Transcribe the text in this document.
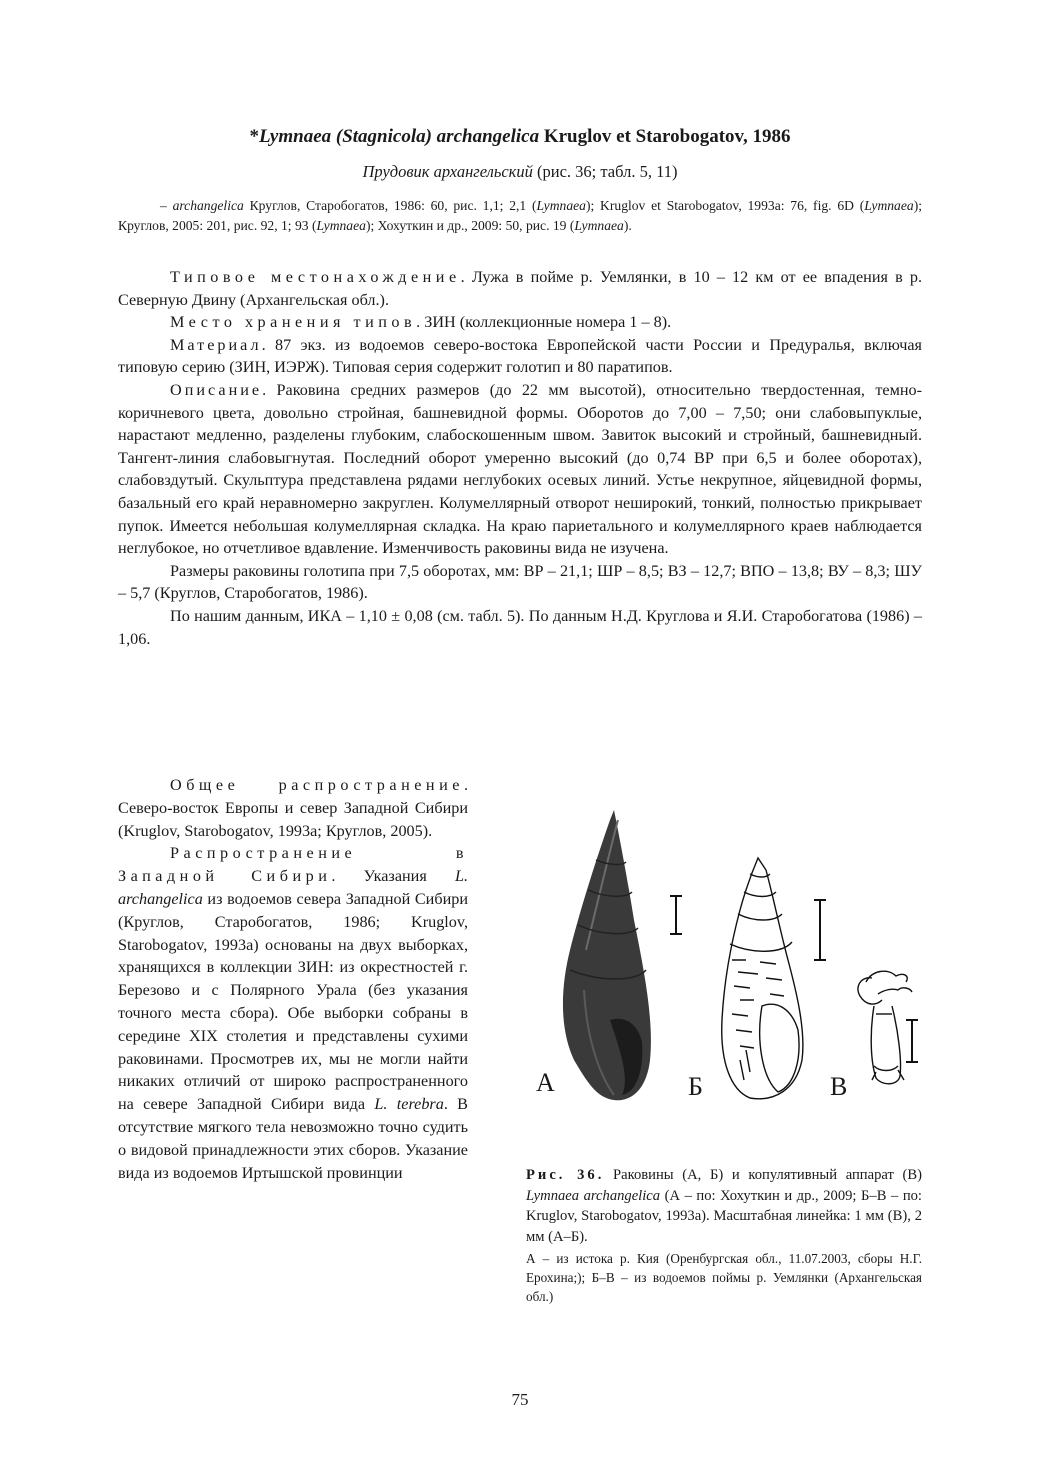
*Lymnaea (Stagnicola) archangelica Kruglov et Starobogatov, 1986
Прудовик архангельский (рис. 36; табл. 5, 11)
– archangelica Круглов, Старобогатов, 1986: 60, рис. 1,1; 2,1 (Lymnaea); Kruglov et Starobogatov, 1993a: 76, fig. 6D (Lymnaea); Круглов, 2005: 201, рис. 92, 1; 93 (Lymnaea); Хохуткин и др., 2009: 50, рис. 19 (Lymnaea).

Типовое местонахождение. Лужа в пойме р. Уемлянки, в 10 – 12 км от ее впадения в р. Северную Двину (Архангельская обл.).

Место хранения типов. ЗИН (коллекционные номера 1 – 8).

Материал. 87 экз. из водоемов северо-востока Европейской части России и Предуралья, включая типовую серию (ЗИН, ИЭРЖ). Типовая серия содержит голотип и 80 паратипов.

Описание. Раковина средних размеров (до 22 мм высотой), относительно твердостенная, темно-коричневого цвета, довольно стройная, башневидной формы. Оборотов до 7,00 – 7,50; они слабовыпуклые, нарастают медленно, разделены глубоким, слабоскошенным швом. Завиток высокий и стройный, башневидный. Тангент-линия слабовыгнутая. Последний оборот умеренно высокий (до 0,74 ВР при 6,5 и более оборотах), слабовздутый. Скульптура представлена рядами неглубоких осевых линий. Устье некрупное, яйцевидной формы, базальный его край неравномерно закруглен. Колумеллярный отворот неширокий, тонкий, полностью прикрывает пупок. Имеется небольшая колумеллярная складка. На краю париетального и колумеллярного краев наблюдается неглубокое, но отчетливое вдавление. Изменчивость раковины вида не изучена.

Размеры раковины голотипа при 7,5 оборотах, мм: ВР – 21,1; ШР – 8,5; ВЗ – 12,7; ВПО – 13,8; ВУ – 8,3; ШУ – 5,7 (Круглов, Старобогатов, 1986).

По нашим данным, ИКА – 1,10 ± 0,08 (см. табл. 5). По данным Н.Д. Круглова и Я.И. Старобогатова (1986) – 1,06.

Общее распространение. Северо-восток Европы и север Западной Сибири (Kruglov, Starobogatov, 1993а; Круглов, 2005).

Распространение в Западной Сибири. Указания L. archangelica из водоемов севера Западной Сибири (Круглов, Старобогатов, 1986; Kruglov, Starobogatov, 1993а) основаны на двух выборках, хранящихся в коллекции ЗИН: из окрестностей г. Березово и с Полярного Урала (без указания точного места сбора). Обе выборки собраны в середине XIX столетия и представлены сухими раковинами. Просмотрев их, мы не могли найти никаких отличий от широко распространенного на севере Западной Сибири вида L. terebra. В отсутствие мягкого тела невозможно точно судить о видовой принадлежности этих сборов. Указание вида из водоемов Иртышской провинции

А	Б	В

Рис. 36. Раковины (А, Б) и копулятивный аппарат (В) Lymnaea archangelica (А – по: Хохуткин и др., 2009; Б–В – по: Kruglov, Starobogatov, 1993а). Масштабная линейка: 1 мм (В), 2 мм (А–Б).

А – из истока р. Кия (Оренбургская обл., 11.07.2003, сборы Н.Г. Ерохина;); Б–В – из водоемов поймы р. Уемлянки (Архангельская обл.)

75
